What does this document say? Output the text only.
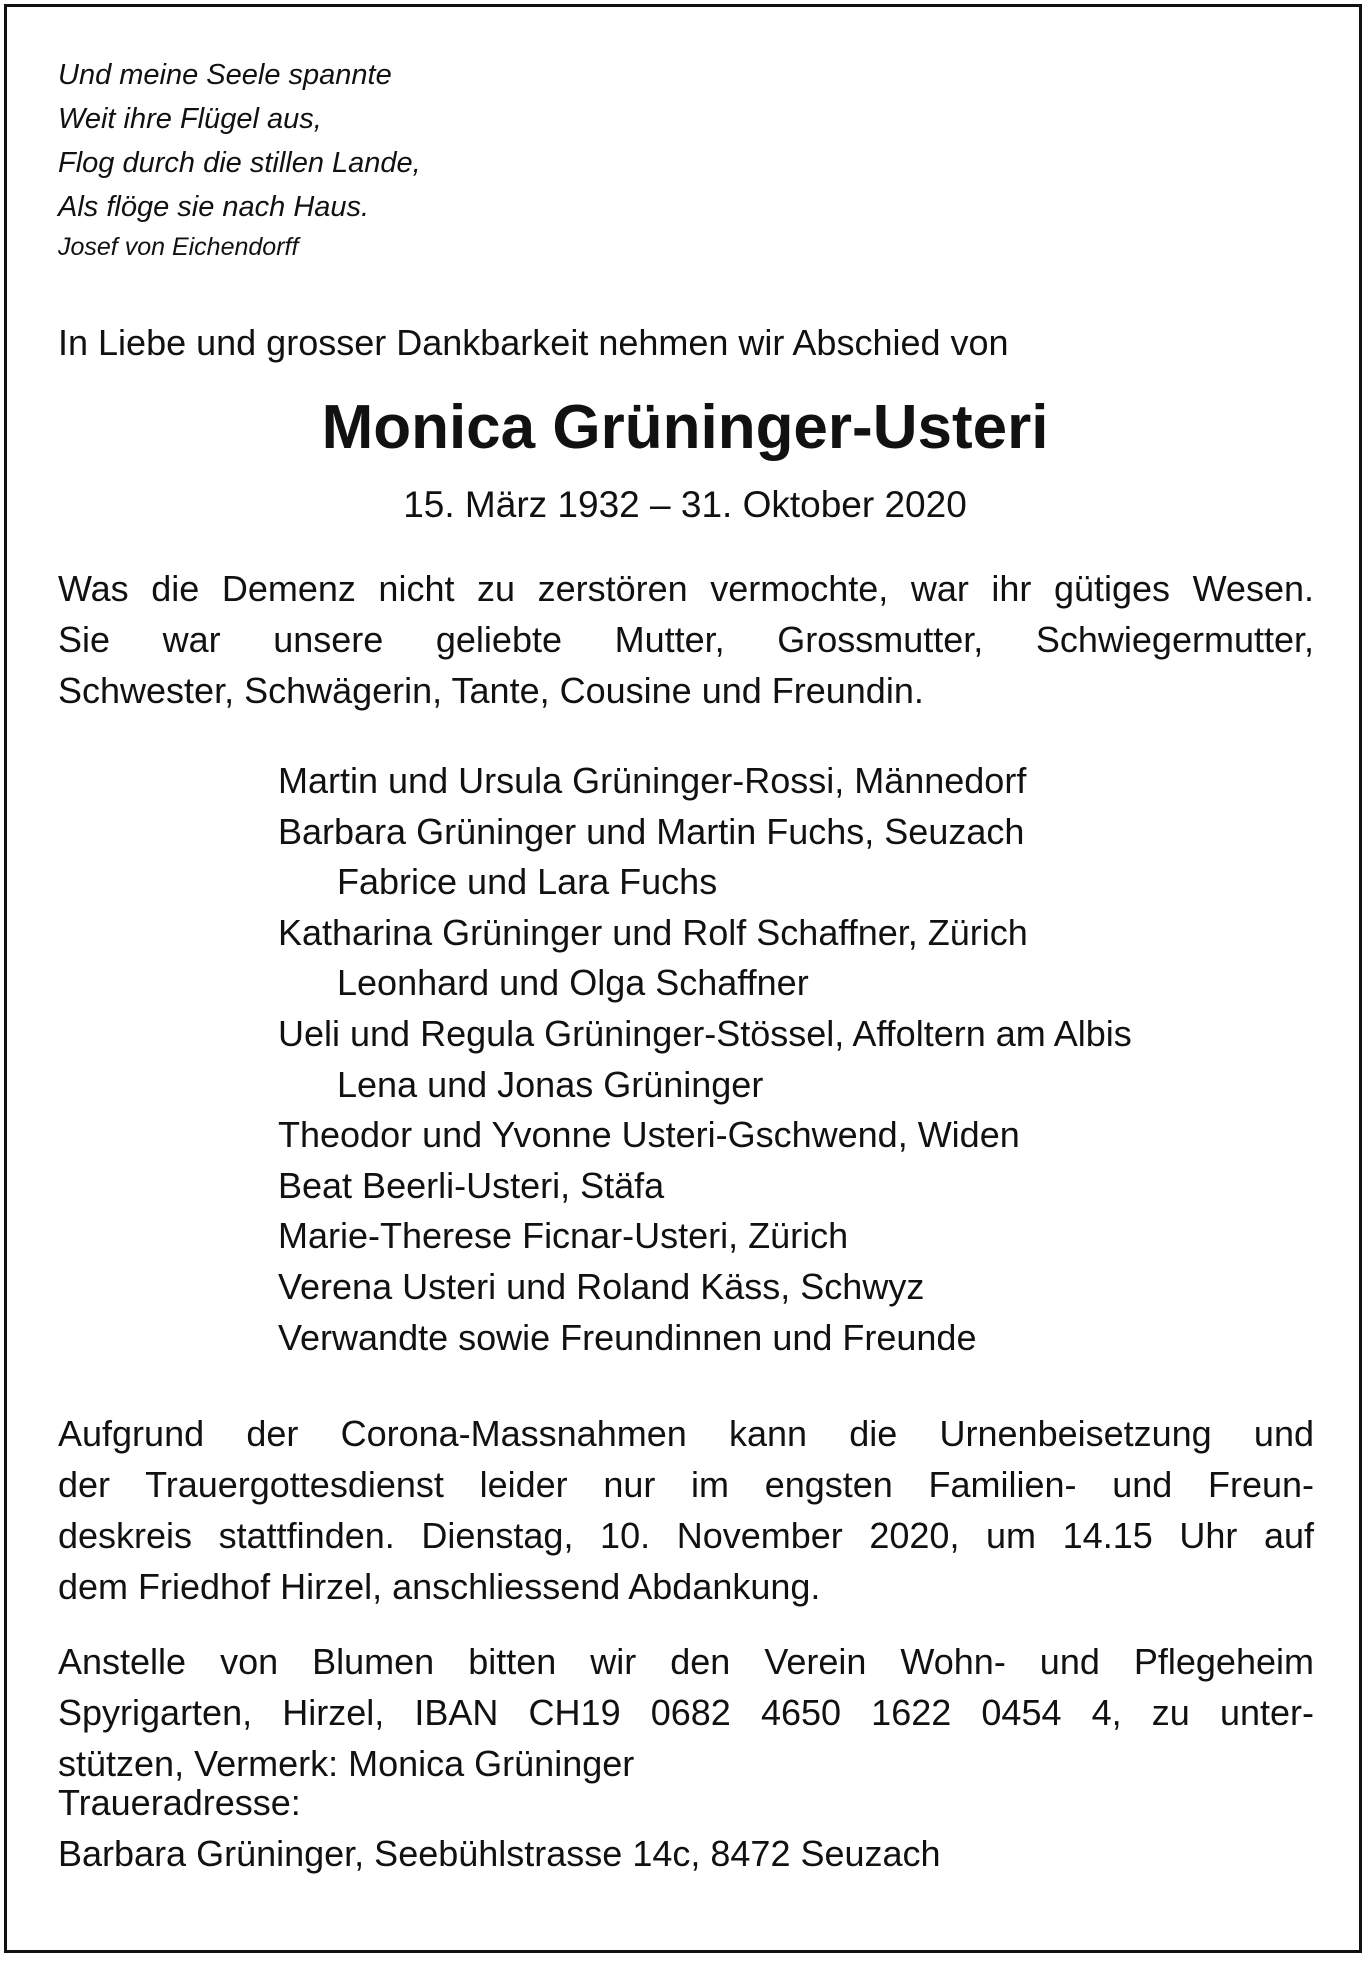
Und meine Seele spannte
Weit ihre Flügel aus,
Flog durch die stillen Lande,
Als flöge sie nach Haus.
Josef von Eichendorff
In Liebe und grosser Dankbarkeit nehmen wir Abschied von
Monica Grüninger-Usteri
15. März 1932 – 31. Oktober 2020
Was die Demenz nicht zu zerstören vermochte, war ihr gütiges Wesen.
Sie war unsere geliebte Mutter, Grossmutter, Schwiegermutter,
Schwester, Schwägerin, Tante, Cousine und Freundin.
Martin und Ursula Grüninger-Rossi, Männedorf
Barbara Grüninger und Martin Fuchs, Seuzach
Fabrice und Lara Fuchs
Katharina Grüninger und Rolf Schaffner, Zürich
Leonhard und Olga Schaffner
Ueli und Regula Grüninger-Stössel, Affoltern am Albis
Lena und Jonas Grüninger
Theodor und Yvonne Usteri-Gschwend, Widen
Beat Beerli-Usteri, Stäfa
Marie-Therese Ficnar-Usteri, Zürich
Verena Usteri und Roland Käss, Schwyz
Verwandte sowie Freundinnen und Freunde
Aufgrund der Corona-Massnahmen kann die Urnenbeisetzung und
der Trauergottesdienst leider nur im engsten Familien- und Freun-
deskreis stattfinden. Dienstag, 10. November 2020, um 14.15 Uhr auf
dem Friedhof Hirzel, anschliessend Abdankung.
Anstelle von Blumen bitten wir den Verein Wohn- und Pflegeheim
Spyrigarten, Hirzel, IBAN CH19 0682 4650 1622 0454 4, zu unter-
stützen, Vermerk: Monica Grüninger
Traueradresse:
Barbara Grüninger, Seebühlstrasse 14c, 8472 Seuzach
